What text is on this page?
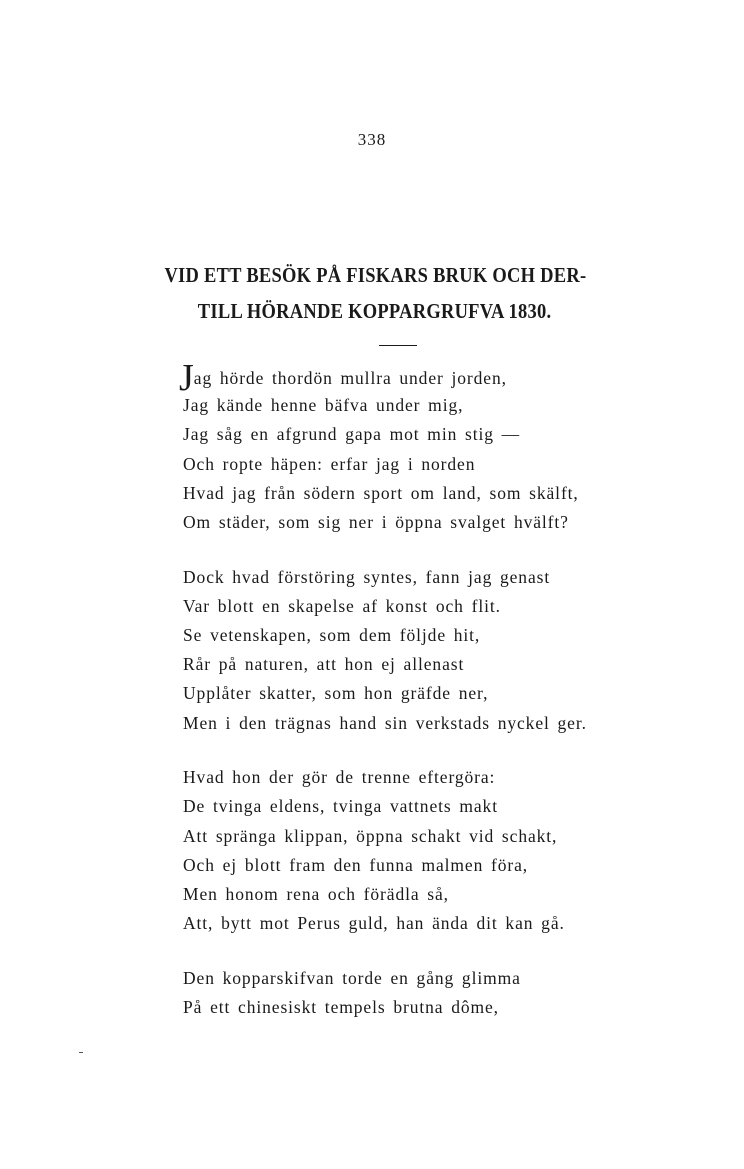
338
VID ETT BESÖK PÅ FISKARS BRUK OCH DER-
TILL HÖRANDE KOPPARGRUFVA 1830.
Jag hörde thordön mullra under jorden,
Jag kände henne bäfva under mig,
Jag såg en afgrund gapa mot min stig —
Och ropte häpen: erfar jag i norden
Hvad jag från södern sport om land, som skälft,
Om städer, som sig ner i öppna svalget hvälft?
Dock hvad förstöring syntes, fann jag genast
Var blott en skapelse af konst och flit.
Se vetenskapen, som dem följde hit,
Rår på naturen, att hon ej allenast
Upplåter skatter, som hon gräfde ner,
Men i den trägnas hand sin verkstads nyckel ger.
Hvad hon der gör de trenne eftergöra:
De tvinga eldens, tvinga vattnets makt
Att spränga klippan, öppna schakt vid schakt,
Och ej blott fram den funna malmen föra,
Men honom rena och förädla så,
Att, bytt mot Perus guld, han ända dit kan gå.
Den kopparskifvan torde en gång glimma
På ett chinesiskt tempels brutna dôme,
